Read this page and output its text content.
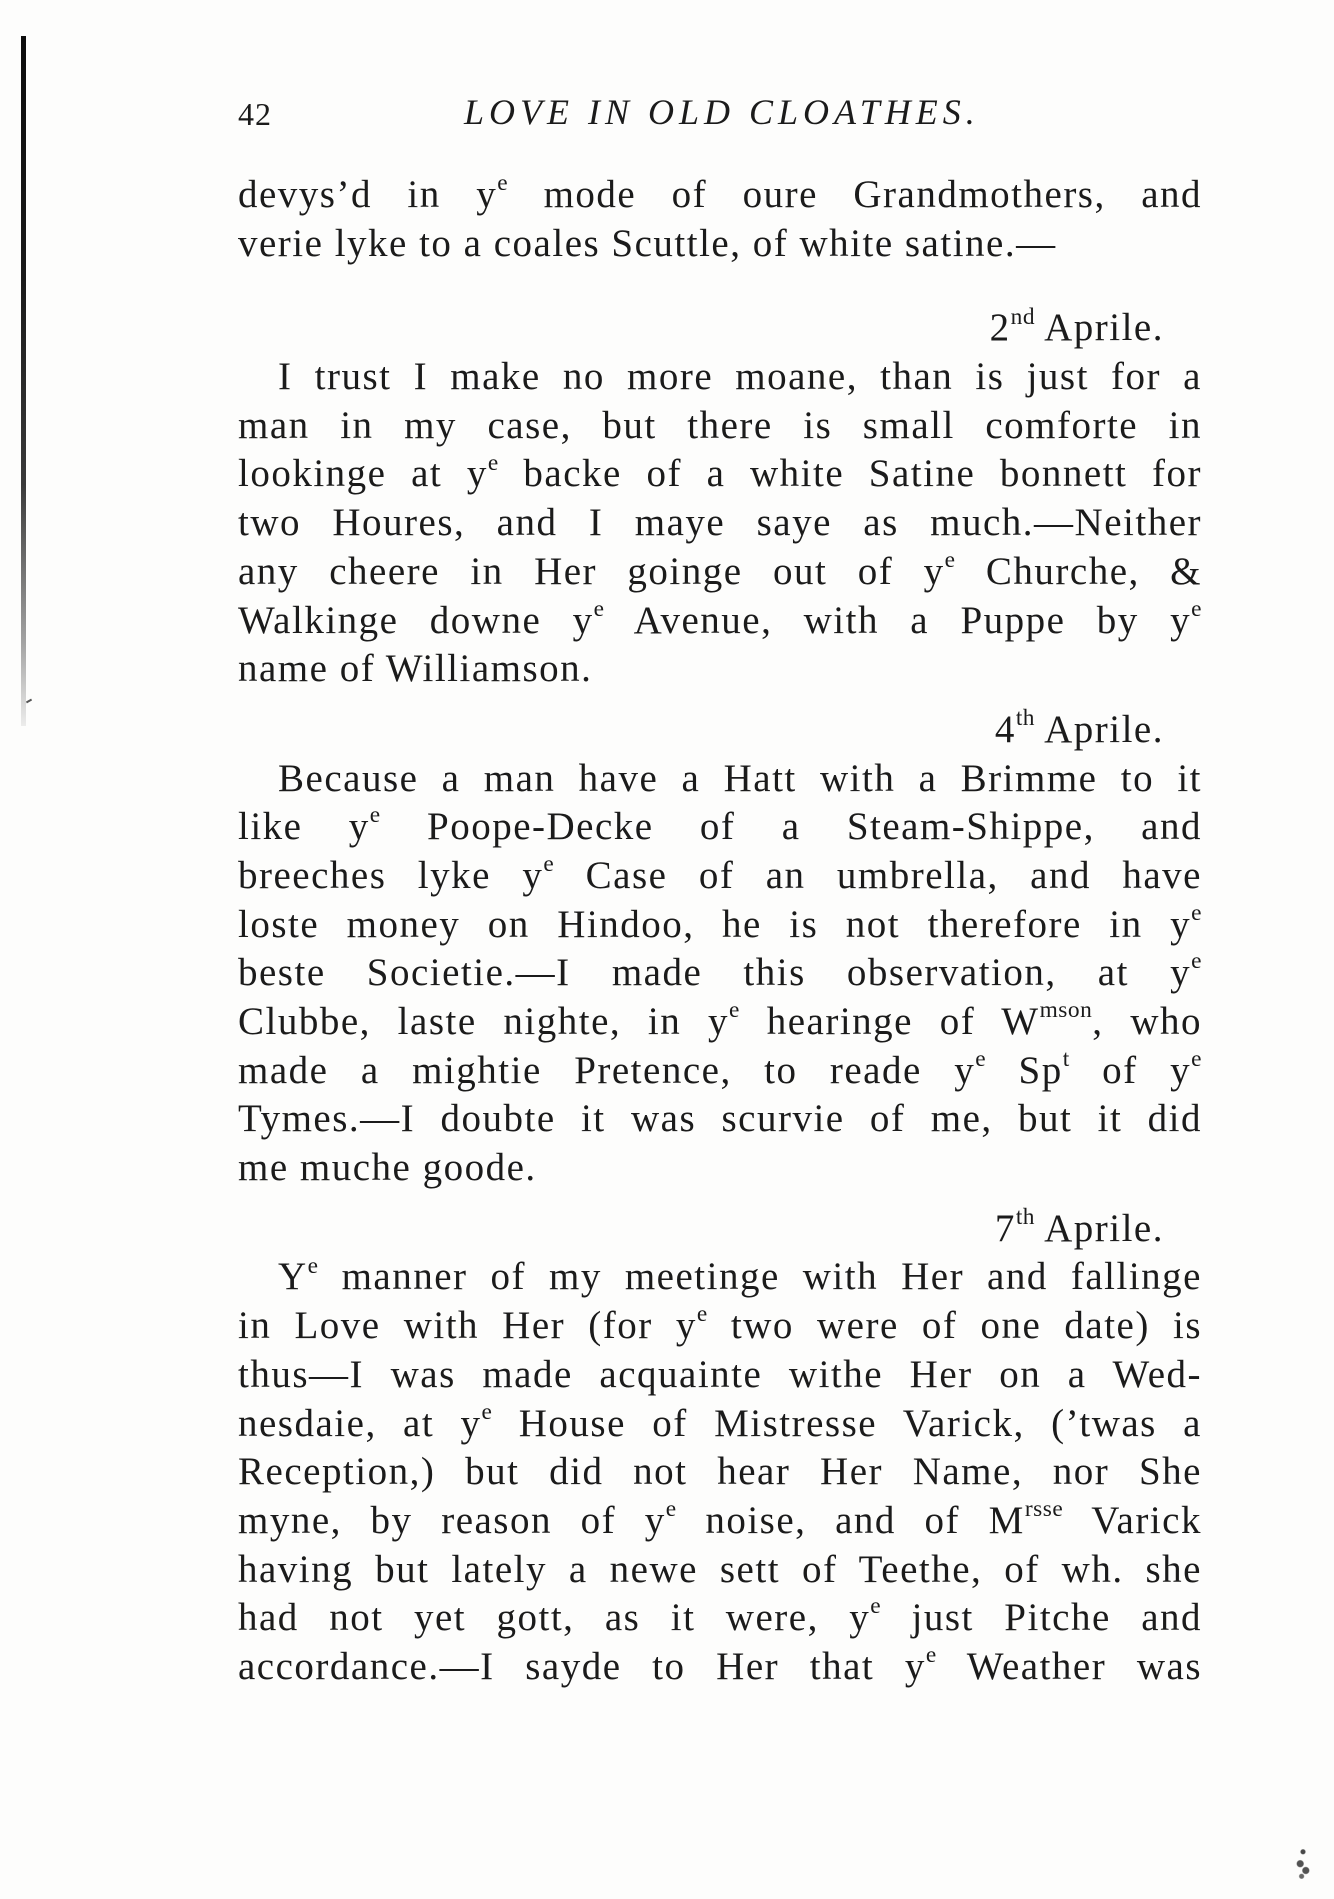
42	LOVE IN OLD CLOATHES.
devys’d in $y^e$ mode of oure Grandmothers, and
verie lyke to a coales Scuttle, of white satine.—
2nd Aprile.
I trust I make no more moane, than is just for a
man in my case, but there is small comforte in
lookinge at $y^e$ backe of a white Satine bonnett for
two Houres, and I maye saye as much.—Neither
any cheere in Her goinge out of $y^e$ Churche, &
Walkinge downe $y^e$ Avenue, with a Puppe by $y^e$
name of Williamson.
4th Aprile.
Because a man have a Hatt with a Brimme to it
like $y^e$ Poope-Decke of a Steam-Shippe, and
breeches lyke $y^e$ Case of an umbrella, and have
loste money on Hindoo, he is not therefore in $y^e$
beste Societie.—I made this observation, at $y^e$
Clubbe, laste nighte, in $y^e$ hearinge of $W^{mson}$, who
made a mightie Pretence, to reade $y^e$ Sp$^t$ of $y^e$
Tymes.—I doubte it was scurvie of me, but it did
me muche goode.
7th Aprile.
$Y^e$ manner of my meetinge with Her and fallinge
in Love with Her (for $y^e$ two were of one date) is
thus—I was made acquainte withe Her on a Wed-
nesdaie, at $y^e$ House of Mistresse Varick, (’twas a
Reception,) but did not hear Her Name, nor She
myne, by reason of $y^e$ noise, and of $M^{rsse}$ Varick
having but lately a newe sett of Teethe, of wh. she
had not yet gott, as it were, $y^e$ just Pitche and
accordance.—I sayde to Her that $y^e$ Weather was
